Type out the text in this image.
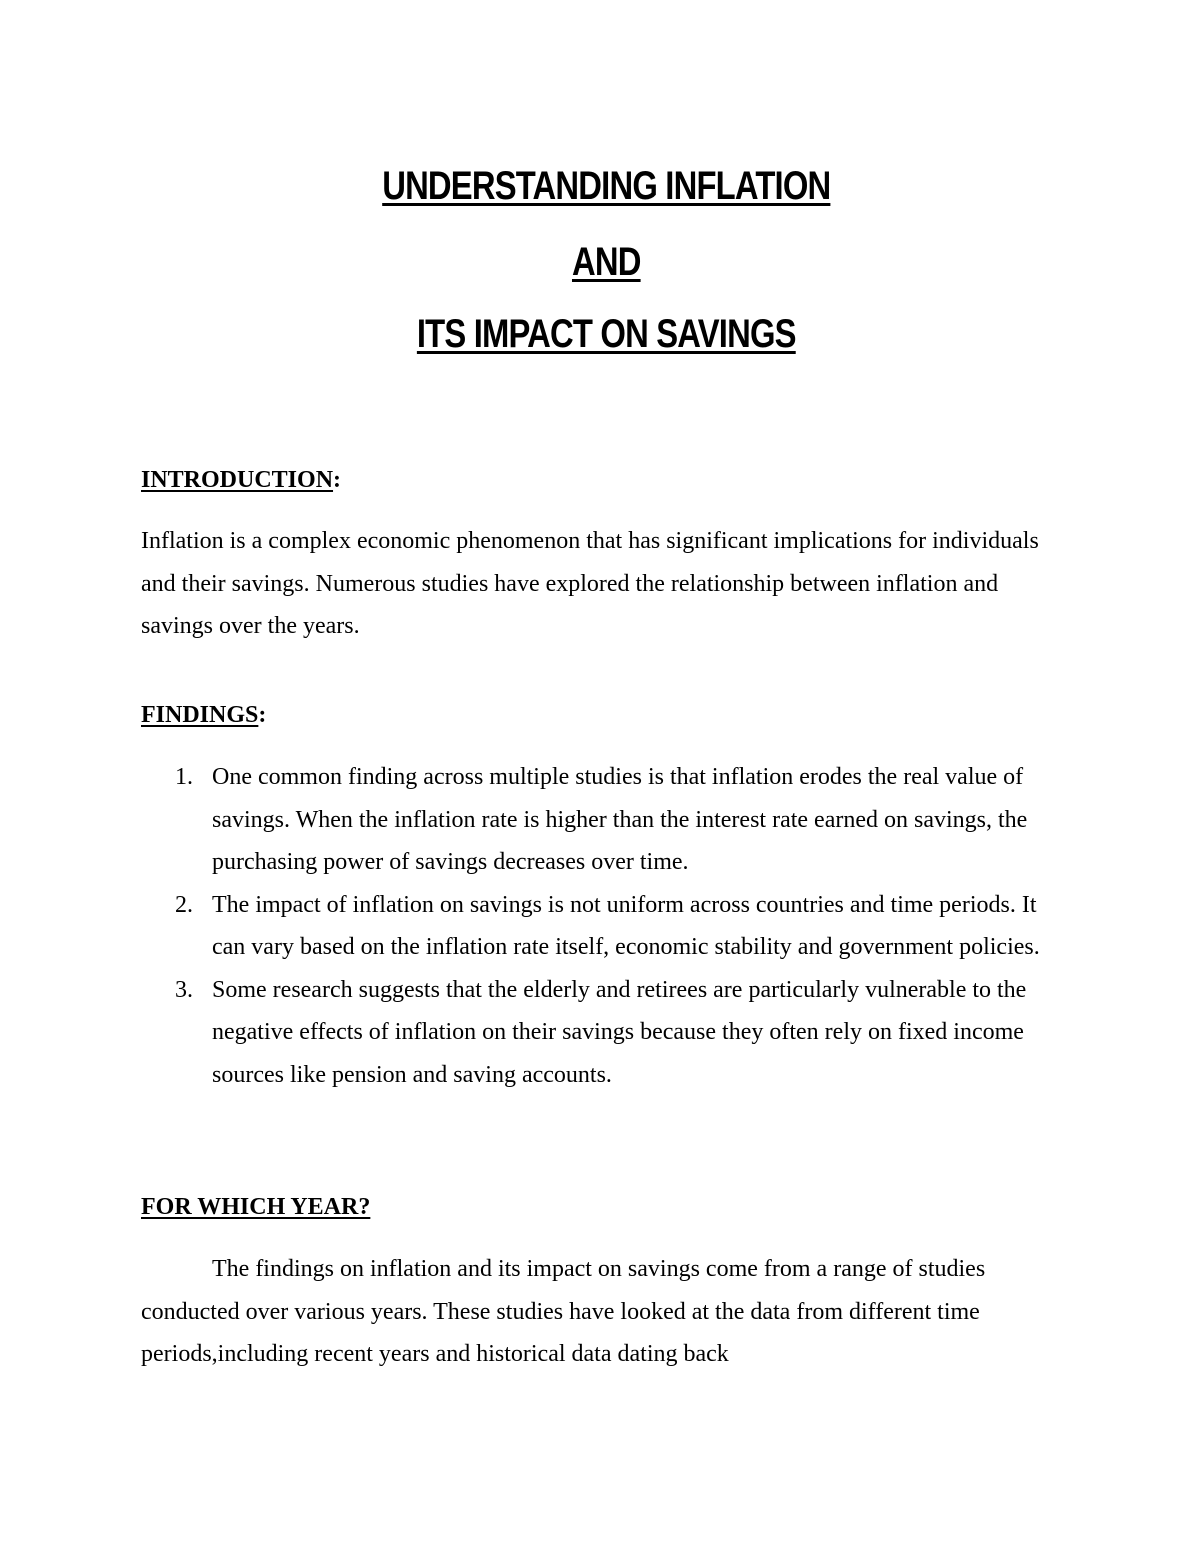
UNDERSTANDING INFLATION
AND
ITS IMPACT ON SAVINGS
INTRODUCTION:

Inflation is a complex economic phenomenon that has significant implications for individuals and their savings. Numerous studies have explored the relationship between inflation and savings over the years.

FINDINGS:
1. One common finding across multiple studies is that inflation erodes the real value of savings. When the inflation rate is higher than the interest rate earned on savings, the purchasing power of savings decreases over time.
2. The impact of inflation on savings is not uniform across countries and time periods. It can vary based on the inflation rate itself, economic stability and government policies.
3. Some research suggests that the elderly and retirees are particularly vulnerable to the negative effects of inflation on their savings because they often rely on fixed income sources like pension and saving accounts.
FOR WHICH YEAR?

The findings on inflation and its impact on savings come from a range of studies conducted over various years. These studies have looked at the data from different time periods,including recent years and historical data dating back
